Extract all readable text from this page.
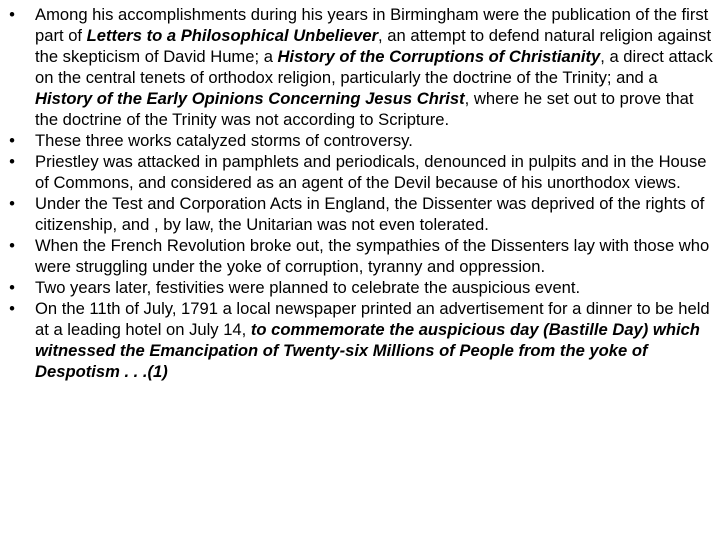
• Among his accomplishments during his years in Birmingham were the publication of the first part of Letters to a Philosophical Unbeliever, an attempt to defend natural religion against the skepticism of David Hume; a History of the Corruptions of Christianity, a direct attack on the central tenets of orthodox religion, particularly the doctrine of the Trinity; and a History of the Early Opinions Concerning Jesus Christ, where he set out to prove that the doctrine of the Trinity was not according to Scripture.
• These three works catalyzed storms of controversy.
• Priestley was attacked in pamphlets and periodicals, denounced in pulpits and in the House of Commons, and considered as an agent of the Devil because of his unorthodox views.
• Under the Test and Corporation Acts in England, the Dissenter was deprived of the rights of citizenship, and , by law, the Unitarian was not even tolerated.
• When the French Revolution broke out, the sympathies of the Dissenters lay with those who were struggling under the yoke of corruption, tyranny and oppression.
• Two years later, festivities were planned to celebrate the auspicious event.
• On the 11th of July, 1791 a local newspaper printed an advertisement for a dinner to be held at a leading hotel on July 14, to commemorate the auspicious day (Bastille Day) which witnessed the Emancipation of Twenty-six Millions of People from the yoke of Despotism . . .(1)
